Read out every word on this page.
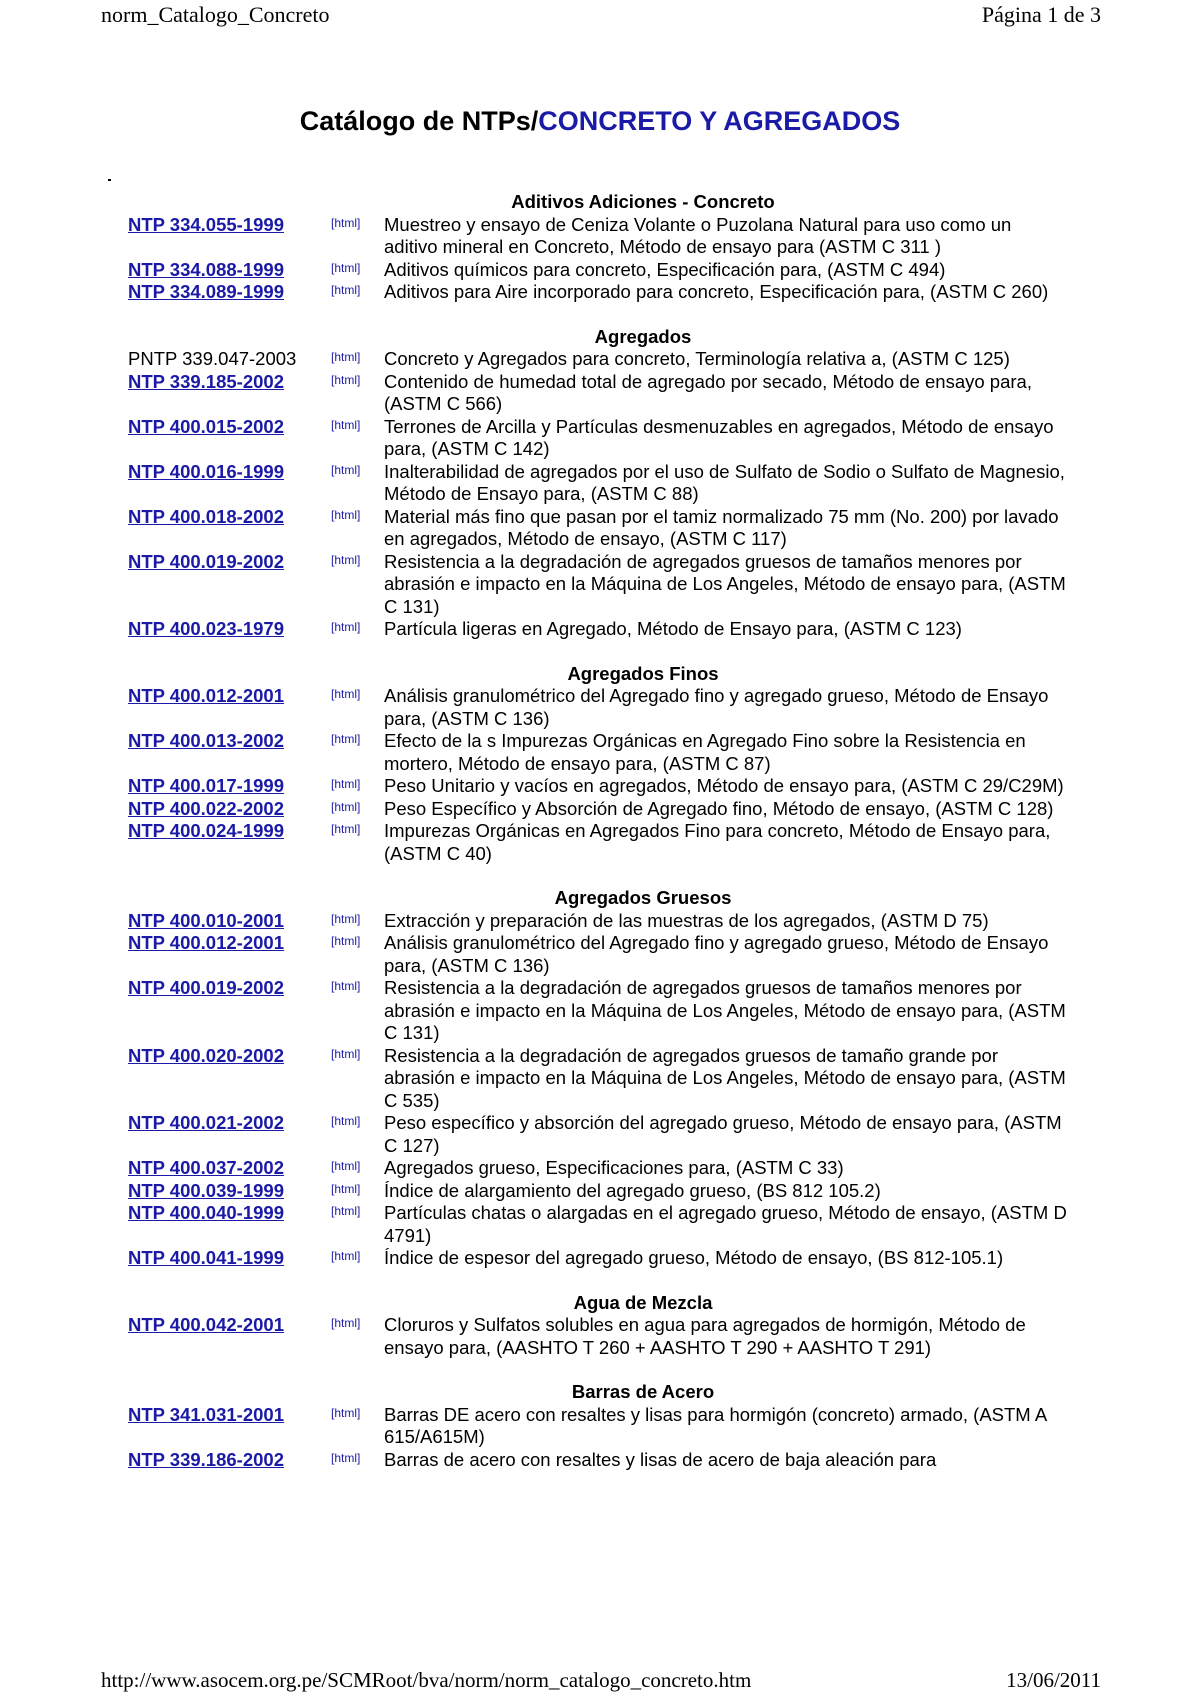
norm_Catalogo_Concreto	Página 1 de 3
Catálogo de NTPs/CONCRETO Y AGREGADOS
Aditivos Adiciones - Concreto
NTP 334.055-1999	[html]	Muestreo y ensayo de Ceniza Volante o Puzolana Natural para uso como un aditivo mineral en Concreto, Método de ensayo para (ASTM C 311 )
NTP 334.088-1999	[html]	Aditivos químicos para concreto, Especificación para, (ASTM C 494)
NTP 334.089-1999	[html]	Aditivos para Aire incorporado para concreto, Especificación para, (ASTM C 260)
Agregados
PNTP 339.047-2003	[html]	Concreto y Agregados para concreto, Terminología relativa a, (ASTM C 125)
NTP 339.185-2002	[html]	Contenido de humedad total de agregado por secado, Método de ensayo para, (ASTM C 566)
NTP 400.015-2002	[html]	Terrones de Arcilla y Partículas desmenuzables en agregados, Método de ensayo para, (ASTM C 142)
NTP 400.016-1999	[html]	Inalterabilidad de agregados por el uso de Sulfato de Sodio o Sulfato de Magnesio, Método de Ensayo para, (ASTM C 88)
NTP 400.018-2002	[html]	Material más fino que pasan por el tamiz normalizado 75 mm (No. 200) por lavado en agregados, Método de ensayo, (ASTM C 117)
NTP 400.019-2002	[html]	Resistencia a la degradación de agregados gruesos de tamaños menores por abrasión e impacto en la Máquina de Los Angeles, Método de ensayo para, (ASTM C 131)
NTP 400.023-1979	[html]	Partícula ligeras en Agregado, Método de Ensayo para, (ASTM C 123)
Agregados Finos
NTP 400.012-2001	[html]	Análisis granulométrico del Agregado fino y agregado grueso, Método de Ensayo para, (ASTM C 136)
NTP 400.013-2002	[html]	Efecto de la s Impurezas Orgánicas en Agregado Fino sobre la Resistencia en mortero, Método de ensayo para, (ASTM C 87)
NTP 400.017-1999	[html]	Peso Unitario y vacíos en agregados, Método de ensayo para, (ASTM C 29/C29M)
NTP 400.022-2002	[html]	Peso Específico y Absorción de Agregado fino, Método de ensayo, (ASTM C 128)
NTP 400.024-1999	[html]	Impurezas Orgánicas en Agregados Fino para concreto, Método de Ensayo para, (ASTM C 40)
Agregados Gruesos
NTP 400.010-2001	[html]	Extracción y preparación de las muestras de los agregados, (ASTM D 75)
NTP 400.012-2001	[html]	Análisis granulométrico del Agregado fino y agregado grueso, Método de Ensayo para, (ASTM C 136)
NTP 400.019-2002	[html]	Resistencia a la degradación de agregados gruesos de tamaños menores por abrasión e impacto en la Máquina de Los Angeles, Método de ensayo para, (ASTM C 131)
NTP 400.020-2002	[html]	Resistencia a la degradación de agregados gruesos de tamaño grande por abrasión e impacto en la Máquina de Los Angeles, Método de ensayo para, (ASTM C 535)
NTP 400.021-2002	[html]	Peso específico y absorción del agregado grueso, Método de ensayo para, (ASTM C 127)
NTP 400.037-2002	[html]	Agregados grueso, Especificaciones para, (ASTM C 33)
NTP 400.039-1999	[html]	Índice de alargamiento del agregado grueso, (BS 812 105.2)
NTP 400.040-1999	[html]	Partículas chatas o alargadas en el agregado grueso, Método de ensayo, (ASTM D 4791)
NTP 400.041-1999	[html]	Índice de espesor del agregado grueso, Método de ensayo, (BS 812-105.1)
Agua de Mezcla
NTP 400.042-2001	[html]	Cloruros y Sulfatos solubles en agua para agregados de hormigón, Método de ensayo para, (AASHTO T 260 + AASHTO T 290 + AASHTO T 291)
Barras de Acero
NTP 341.031-2001	[html]	Barras DE acero con resaltes y lisas para hormigón (concreto) armado, (ASTM A 615/A615M)
NTP 339.186-2002	[html]	Barras de acero con resaltes y lisas de acero de baja aleación para
http://www.asocem.org.pe/SCMRoot/bva/norm/norm_catalogo_concreto.htm	13/06/2011
